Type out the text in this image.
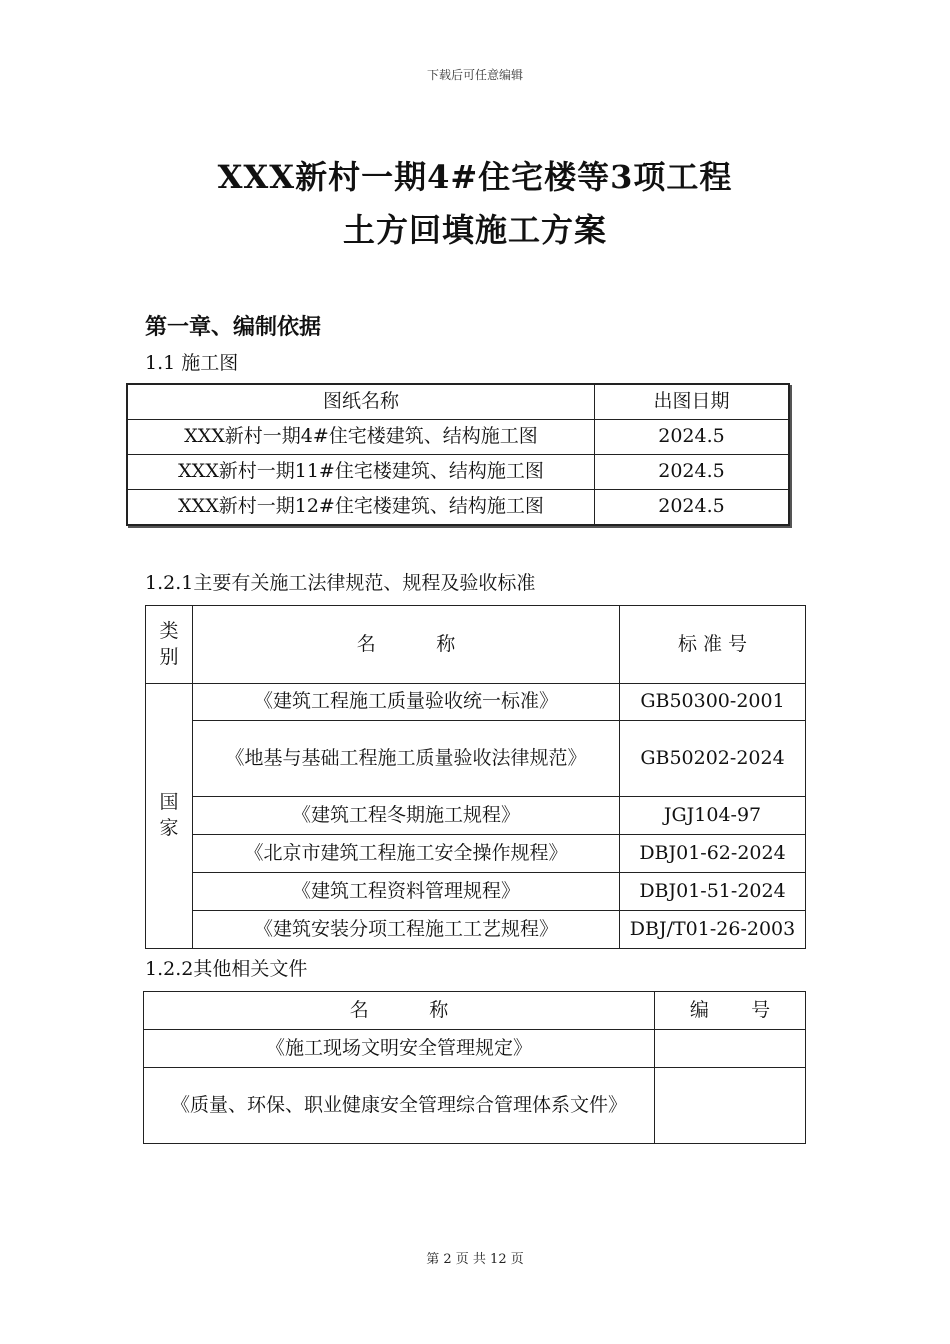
下载后可任意编辑
XXX新村一期4#住宅楼等3项工程
土方回填施工方案
第一章、编制依据
1.1 施工图
图纸名称	出图日期
XXX新村一期4#住宅楼建筑、结构施工图	2024.5
XXX新村一期11#住宅楼建筑、结构施工图	2024.5
XXX新村一期12#住宅楼建筑、结构施工图	2024.5
1.2.1主要有关施工法律规范、规程及验收标准
类
别	名          称	标 准 号

国
家	《建筑工程施工质量验收统一标准》	GB50300-2001
	《地基与基础工程施工质量验收法律规范》	GB50202-2024
	《建筑工程冬期施工规程》	JGJ104-97
	《北京市建筑工程施工安全操作规程》	DBJ01-62-2024
	《建筑工程资料管理规程》	DBJ01-51-2024
	《建筑安装分项工程施工工艺规程》	DBJ/T01-26-2003
1.2.2其他相关文件
名          称	编       号
《施工现场文明安全管理规定》	
《质量、环保、职业健康安全管理综合管理体系文件》	
第 2 页 共 12 页
